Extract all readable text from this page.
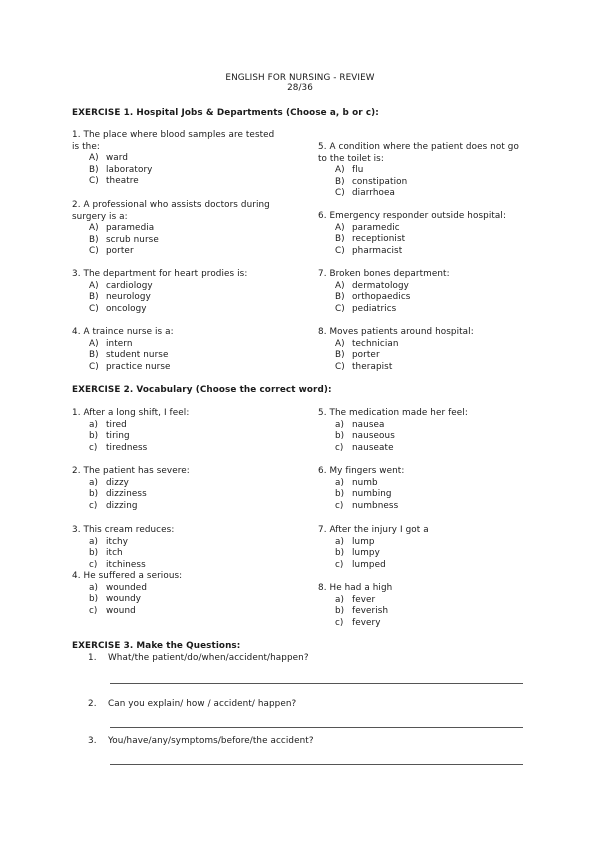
ENGLISH FOR NURSING - REVIEW
28/36
EXERCISE 1. Hospital Jobs & Departments (Choose a, b or c):
1. The place where blood samples are tested
is the:
A) ward
B) laboratory
C) theatre
2. A professional who assists doctors during
surgery is a:
A) paramedia
B) scrub nurse
C) porter
3. The department for heart prodies is:
A) cardiology
B) neurology
C) oncology
4. A traince nurse is a:
A) intern
B) student nurse
C) practice nurse
5. A condition where the patient does not go
to the toilet is:
A) flu
B) constipation
C) diarrhoea
6. Emergency responder outside hospital:
A) paramedic
B) receptionist
C) pharmacist
7. Broken bones department:
A) dermatology
B) orthopaedics
C) pediatrics
8. Moves patients around hospital:
A) technician
B) porter
C) therapist
EXERCISE 2. Vocabulary (Choose the correct word):
1. After a long shift, I feel:
a) tired
b) tiring
c) tiredness
2. The patient has severe:
a) dizzy
b) dizziness
c) dizzing
3. This cream reduces:
a) itchy
b) itch
c) itchiness
4. He suffered a serious:
a) wounded
b) woundy
c) wound
5. The medication made her feel:
a) nausea
b) nauseous
c) nauseate
6. My fingers went:
a) numb
b) numbing
c) numbness
7. After the injury I got a
a) lump
b) lumpy
c) lumped
8. He had a high
a) fever
b) feverish
c) fevery
EXERCISE 3. Make the Questions:
1. What/the patient/do/when/accident/happen?
2. Can you explain/ how / accident/ happen?
3. You/have/any/symptoms/before/the accident?
